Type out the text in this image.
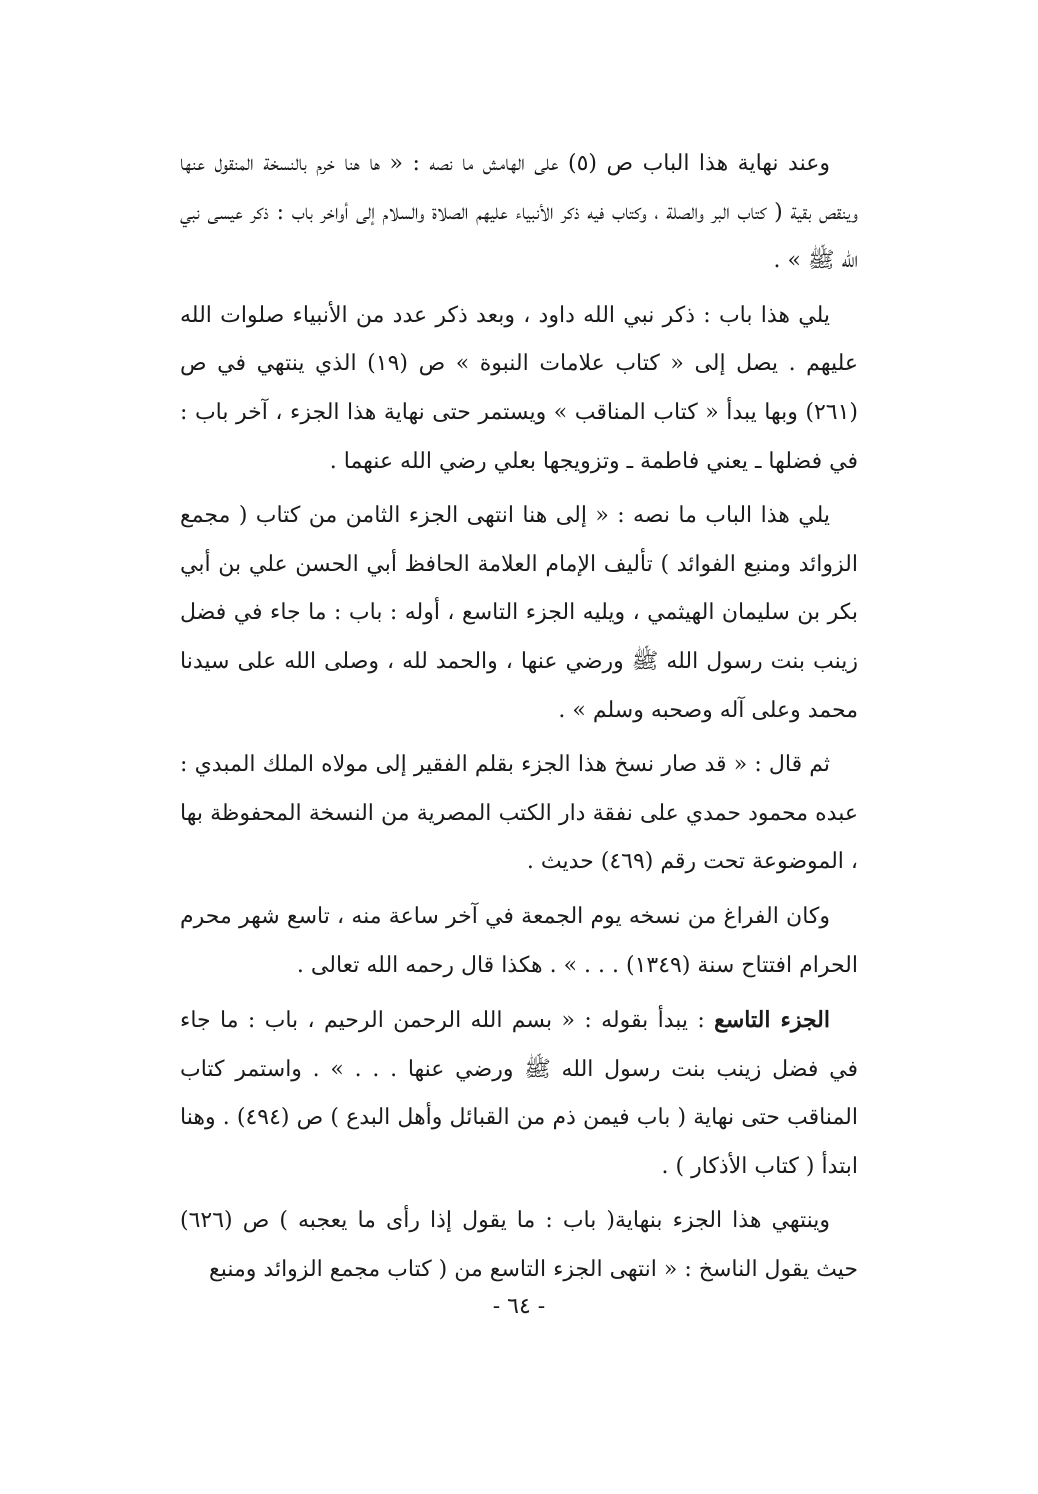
وعند نهاية هذا الباب ص (٥) على الهامش ما نصه : « ها هنا خرم بالنسخة المنقول عنها وينقص بقية ( كتاب البر والصلة ، وكتاب فيه ذكر الأنبياء عليهم الصلاة والسلام إلى أواخر باب : ذكر عيسى نبي الله ﷺ » .

يلي هذا باب : ذكر نبي الله داود ، وبعد ذكر عدد من الأنبياء صلوات الله عليهم . يصل إلى « كتاب علامات النبوة » ص (١٩) الذي ينتهي في ص (٢٦١) وبها يبدأ « كتاب المناقب » ويستمر حتى نهاية هذا الجزء ، آخر باب : في فضلها ـ يعني فاطمة ـ وتزويجها بعلي رضي الله عنهما .

يلي هذا الباب ما نصه : « إلى هنا انتهى الجزء الثامن من كتاب ( مجمع الزوائد ومنبع الفوائد ) تأليف الإمام العلامة الحافظ أبي الحسن علي بن أبي بكر بن سليمان الهيثمي ، ويليه الجزء التاسع ، أوله : باب : ما جاء في فضل زينب بنت رسول الله ﷺ ورضي عنها ، والحمد لله ، وصلى الله على سيدنا محمد وعلى آله وصحبه وسلم » .

ثم قال : « قد صار نسخ هذا الجزء بقلم الفقير إلى مولاه الملك المبدي : عبده محمود حمدي على نفقة دار الكتب المصرية من النسخة المحفوظة بها ، الموضوعة تحت رقم (٤٦٩) حديث .

وكان الفراغ من نسخه يوم الجمعة في آخر ساعة منه ، تاسع شهر محرم الحرام افتتاح سنة (١٣٤٩) . . . » . هكذا قال رحمه الله تعالى .

الجزء التاسع : يبدأ بقوله : « بسم الله الرحمن الرحيم ، باب : ما جاء في فضل زينب بنت رسول الله ﷺ ورضي عنها . . . » . واستمر كتاب المناقب حتى نهاية ( باب فيمن ذم من القبائل وأهل البدع ) ص (٤٩٤) . وهنا ابتدأ ( كتاب الأذكار ) .

وينتهي هذا الجزء بنهاية( باب : ما يقول إذا رأى ما يعجبه ) ص (٦٢٦) حيث يقول الناسخ : « انتهى الجزء التاسع من ( كتاب مجمع الزوائد ومنبع

- ٦٤ -
